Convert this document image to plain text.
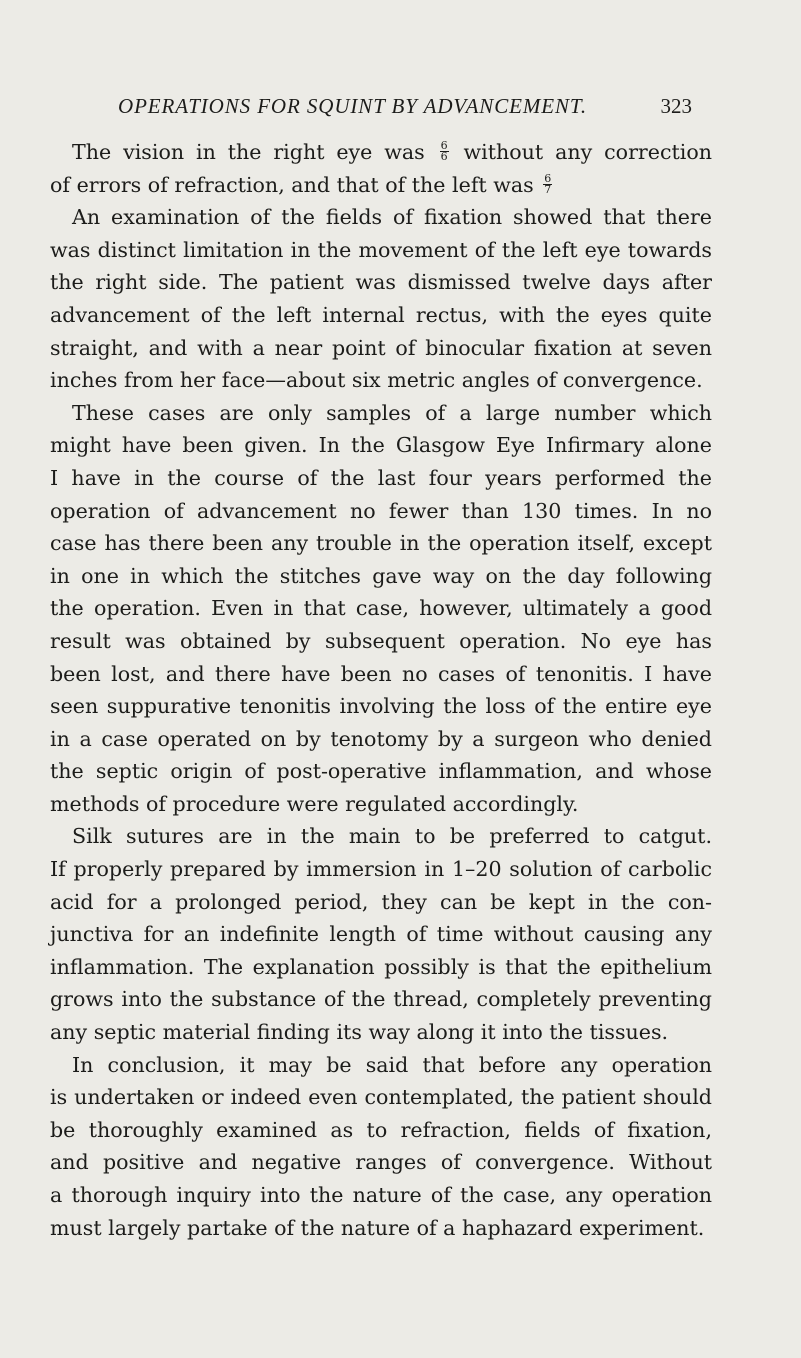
OPERATIONS FOR SQUINT BY ADVANCEMENT.	323
The vision in the right eye was $\frac{6}{6}$ without any correction
of errors of refraction, and that of the left was $\frac{6}{7}$
An examination of the fields of fixation showed that there
was distinct limitation in the movement of the left eye towards
the right side. The patient was dismissed twelve days after
advancement of the left internal rectus, with the eyes quite
straight, and with a near point of binocular fixation at seven
inches from her face—about six metric angles of convergence.
These cases are only samples of a large number which
might have been given. In the Glasgow Eye Infirmary alone
I have in the course of the last four years performed the
operation of advancement no fewer than 130 times. In no
case has there been any trouble in the operation itself, except
in one in which the stitches gave way on the day following
the operation. Even in that case, however, ultimately a good
result was obtained by subsequent operation. No eye has
been lost, and there have been no cases of tenonitis. I have
seen suppurative tenonitis involving the loss of the entire eye
in a case operated on by tenotomy by a surgeon who denied
the septic origin of post-operative inflammation, and whose
methods of procedure were regulated accordingly.
Silk sutures are in the main to be preferred to catgut.
If properly prepared by immersion in 1–20 solution of carbolic
acid for a prolonged period, they can be kept in the con-
junctiva for an indefinite length of time without causing any
inflammation. The explanation possibly is that the epithelium
grows into the substance of the thread, completely preventing
any septic material finding its way along it into the tissues.
In conclusion, it may be said that before any operation
is undertaken or indeed even contemplated, the patient should
be thoroughly examined as to refraction, fields of fixation,
and positive and negative ranges of convergence. Without
a thorough inquiry into the nature of the case, any operation
must largely partake of the nature of a haphazard experiment.
